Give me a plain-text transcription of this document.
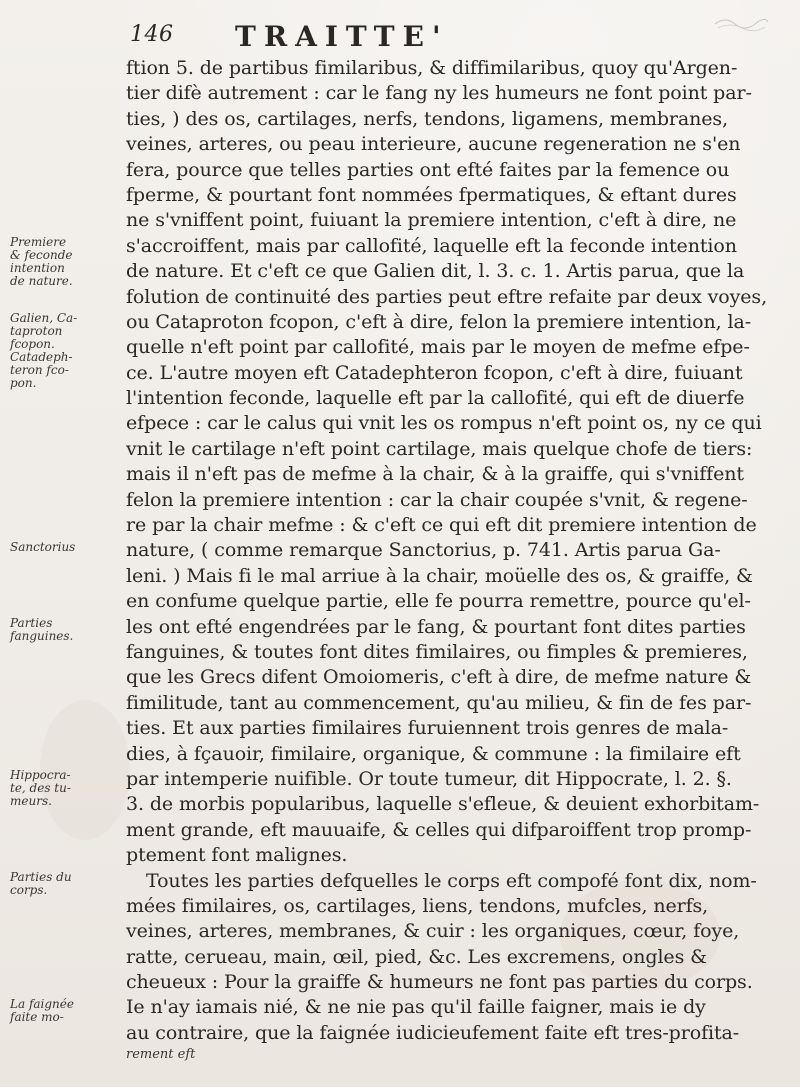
146 TRAITTE'
Premiere
& feconde
intention
de nature.
Galien, Ca-
taproton
fcopon.
Catadeph-
teron fco-
pon.
Sanctorius
Parties
fanguines.
Hippocra-
te, des tu-
meurs.
Parties du
corps.
La faignée
faite mo-
ftion 5. de partibus fimilaribus, & diffimilaribus, quoy qu'Argen-
tier difè autrement : car le fang ny les humeurs ne font point par-
ties, ) des os, cartilages, nerfs, tendons, ligamens, membranes,
veines, arteres, ou peau interieure, aucune regeneration ne s'en
fera, pource que telles parties ont efté faites par la femence ou
fperme, & pourtant font nommées fpermatiques, & eftant dures
ne s'vniffent point, fuiuant la premiere intention, c'eft à dire, ne
s'accroiffent, mais par callofité, laquelle eft la feconde intention
de nature. Et c'eft ce que Galien dit, l. 3. c. 1. Artis parua, que la
folution de continuité des parties peut eftre refaite par deux voyes,
ou Cataproton fcopon, c'eft à dire, felon la premiere intention, la-
quelle n'eft point par callofité, mais par le moyen de mefme efpe-
ce. L'autre moyen eft Catadephteron fcopon, c'eft à dire, fuiuant
l'intention feconde, laquelle eft par la callofité, qui eft de diuerfe
efpece : car le calus qui vnit les os rompus n'eft point os, ny ce qui
vnit le cartilage n'eft point cartilage, mais quelque chofe de tiers:
mais il n'eft pas de mefme à la chair, & à la graiffe, qui s'vniffent
felon la premiere intention : car la chair coupée s'vnit, & regene-
re par la chair mefme : & c'eft ce qui eft dit premiere intention de
nature, ( comme remarque Sanctorius, p. 741. Artis parua Ga-
leni. ) Mais fi le mal arriue à la chair, moüelle des os, & graiffe, &
en confume quelque partie, elle fe pourra remettre, pource qu'el-
les ont efté engendrées par le fang, & pourtant font dites parties
fanguines, & toutes font dites fimilaires, ou fimples & premieres,
que les Grecs difent Omoiomeris, c'eft à dire, de mefme nature &
fimilitude, tant au commencement, qu'au milieu, & fin de fes par-
ties. Et aux parties fimilaires furuiennent trois genres de mala-
dies, à fçauoir, fimilaire, organique, & commune : la fimilaire eft
par intemperie nuifible. Or toute tumeur, dit Hippocrate, l. 2. §.
3. de morbis popularibus, laquelle s'efleue, & deuient exhorbitam-
ment grande, eft mauuaife, & celles qui difparoiffent trop promp-
ptement font malignes.
Toutes les parties defquelles le corps eft compofé font dix, nom-
mées fimilaires, os, cartilages, liens, tendons, mufcles, nerfs,
veines, arteres, membranes, & cuir : les organiques, cœur, foye,
ratte, cerueau, main, œil, pied, &c. Les excremens, ongles &
cheueux : Pour la graiffe & humeurs ne font pas parties du corps.
Ie n'ay iamais nié, & ne nie pas qu'il faille faigner, mais ie dy
au contraire, que la faignée iudicieufement faite eft tres-profita-
rement eft
